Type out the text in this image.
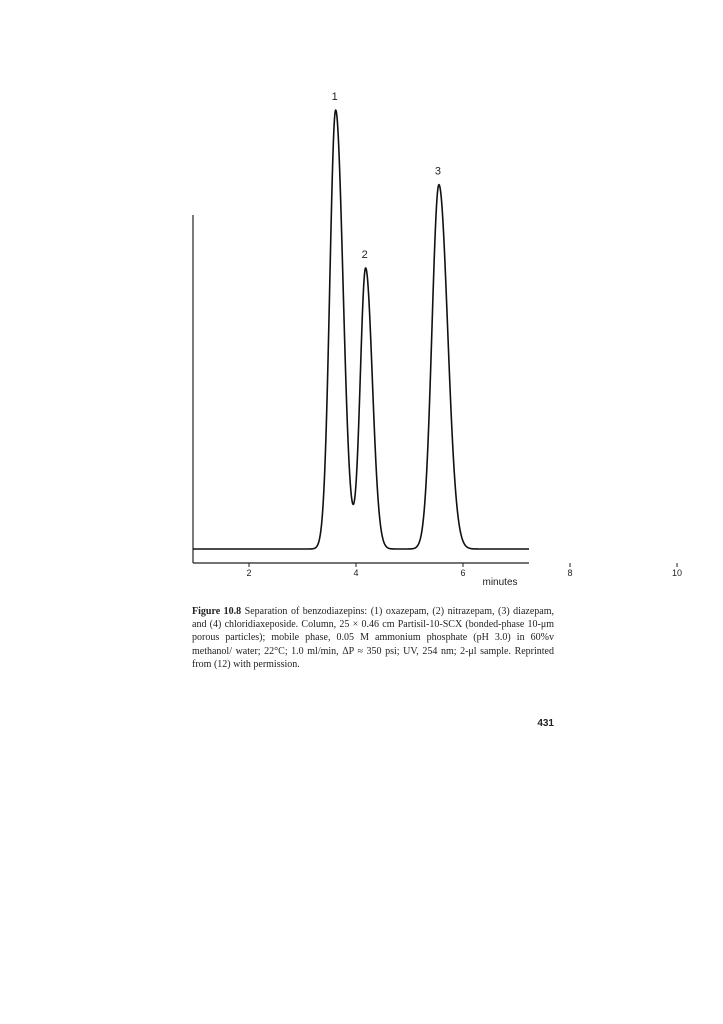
2	4	6	8	10
minutes
1
2
3

Figure 10.8 Separation of benzodiazepins: (1) oxazepam, (2) nitrazepam, (3) diazepam, and (4) chloridiaxeposide. Column, 25 × 0.46 cm Partisil-10-SCX (bonded-phase 10-μm porous particles); mobile phase, 0.05 M ammonium phosphate (pH 3.0) in 60%v methanol/ water; 22°C; 1.0 ml/min, ΔP ≈ 350 psi; UV, 254 nm; 2-μl sample. Reprinted from (12) with permission.

431
